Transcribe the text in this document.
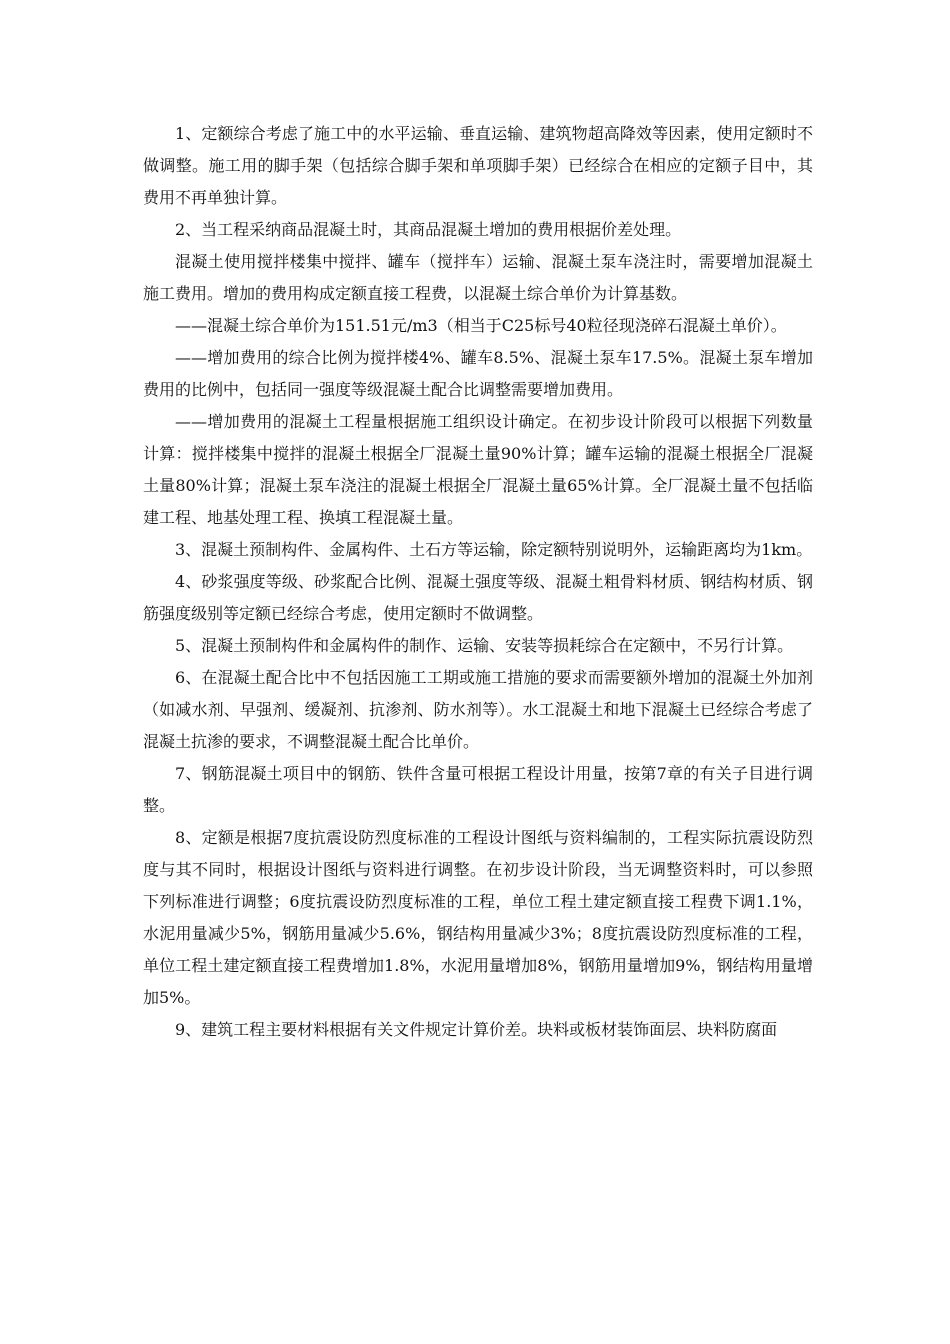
1、定额综合考虑了施工中的水平运输、垂直运输、建筑物超高降效等因素，使用定额时不做调整。施工用的脚手架（包括综合脚手架和单项脚手架）已经综合在相应的定额子目中，其费用不再单独计算。

2、当工程采纳商品混凝土时，其商品混凝土增加的费用根据价差处理。

混凝土使用搅拌楼集中搅拌、罐车（搅拌车）运输、混凝土泵车浇注时，需要增加混凝土施工费用。增加的费用构成定额直接工程费，以混凝土综合单价为计算基数。

——混凝土综合单价为151.51元/m3（相当于C25标号40粒径现浇碎石混凝土单价）。

——增加费用的综合比例为搅拌楼4%、罐车8.5%、混凝土泵车17.5%。混凝土泵车增加费用的比例中，包括同一强度等级混凝土配合比调整需要增加费用。

——增加费用的混凝土工程量根据施工组织设计确定。在初步设计阶段可以根据下列数量计算：搅拌楼集中搅拌的混凝土根据全厂混凝土量90%计算；罐车运输的混凝土根据全厂混凝土量80%计算；混凝土泵车浇注的混凝土根据全厂混凝土量65%计算。全厂混凝土量不包括临建工程、地基处理工程、换填工程混凝土量。

3、混凝土预制构件、金属构件、土石方等运输，除定额特别说明外，运输距离均为1km。

4、砂浆强度等级、砂浆配合比例、混凝土强度等级、混凝土粗骨料材质、钢结构材质、钢筋强度级别等定额已经综合考虑，使用定额时不做调整。

5、混凝土预制构件和金属构件的制作、运输、安装等损耗综合在定额中，不另行计算。

6、在混凝土配合比中不包括因施工工期或施工措施的要求而需要额外增加的混凝土外加剂（如减水剂、早强剂、缓凝剂、抗渗剂、防水剂等）。水工混凝土和地下混凝土已经综合考虑了混凝土抗渗的要求，不调整混凝土配合比单价。

7、钢筋混凝土项目中的钢筋、铁件含量可根据工程设计用量，按第7章的有关子目进行调整。

8、定额是根据7度抗震设防烈度标准的工程设计图纸与资料编制的，工程实际抗震设防烈度与其不同时，根据设计图纸与资料进行调整。在初步设计阶段，当无调整资料时，可以参照下列标准进行调整；6度抗震设防烈度标准的工程，单位工程土建定额直接工程费下调1.1%，水泥用量减少5%，钢筋用量减少5.6%，钢结构用量减少3%；8度抗震设防烈度标准的工程，单位工程土建定额直接工程费增加1.8%，水泥用量增加8%，钢筋用量增加9%，钢结构用量增加5%。

9、建筑工程主要材料根据有关文件规定计算价差。块料或板材装饰面层、块料防腐面
